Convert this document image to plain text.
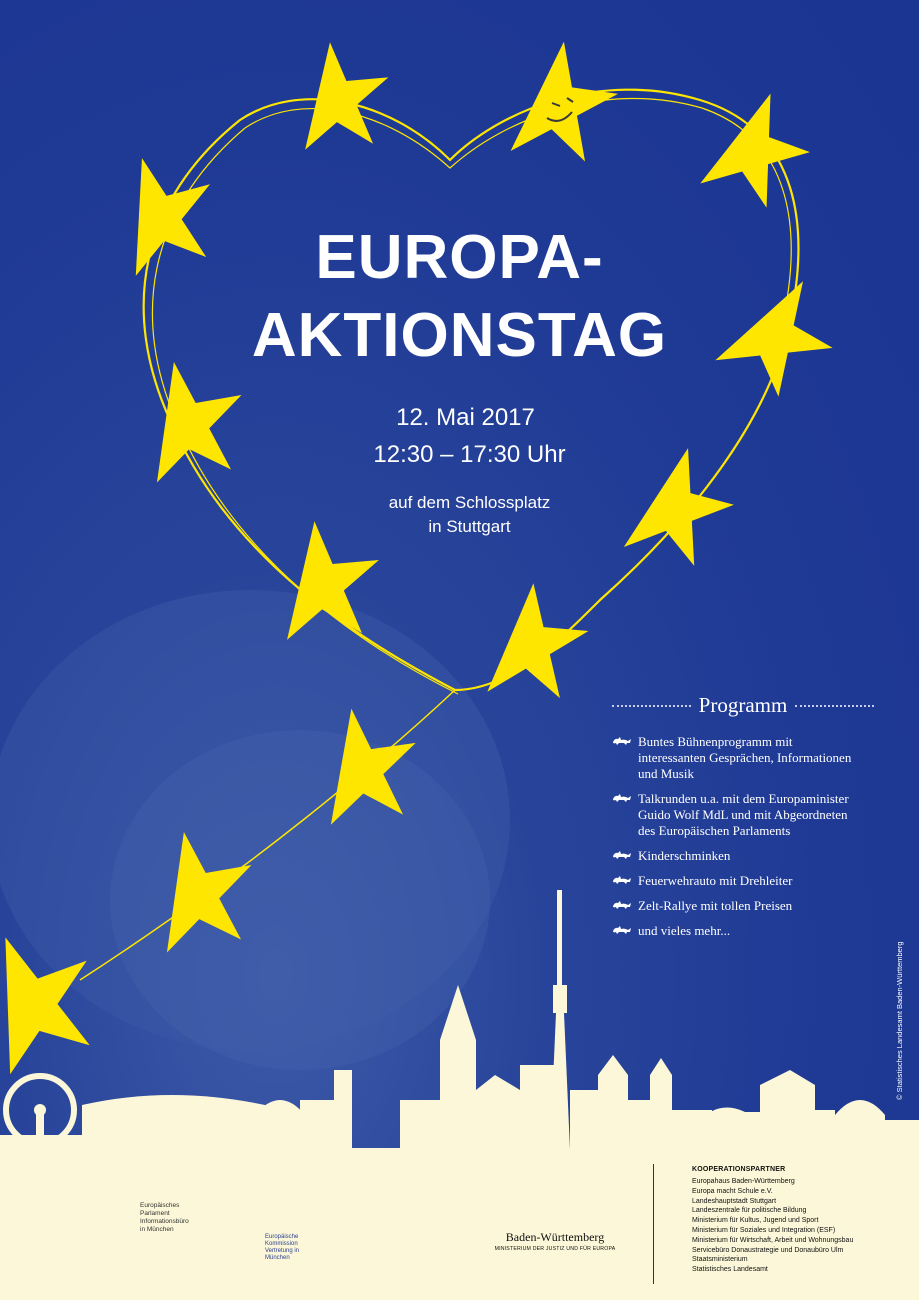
EUROPA-
AKTIONSTAG

12. Mai 2017

12:30 – 17:30 Uhr

auf dem Schlossplatz

in Stuttgart

Programm
Buntes Bühnenprogramm mit
interessanten Gesprächen, Informationen
und Musik
Talkrunden u.a. mit dem Europaminister
Guido Wolf MdL und mit Abgeordneten
des Europäischen Parlaments
Kinderschminken
Feuerwehrauto mit Drehleiter
Zelt-Rallye mit tollen Preisen
und vieles mehr...
© Statistisches Landesamt Baden-Württemberg
Europäisches Parlament
Informationsbüro
in München
Europäische
Kommission
Vertretung in
München
Baden-Württemberg
MINISTERIUM DER JUSTIZ UND FÜR EUROPA
KOOPERATIONSPARTNER
Europahaus Baden-Württemberg
Europa macht Schule e.V.
Landeshauptstadt Stuttgart
Landeszentrale für politische Bildung
Ministerium für Kultus, Jugend und Sport
Ministerium für Soziales und Integration (ESF)
Ministerium für Wirtschaft, Arbeit und Wohnungsbau
Servicebüro Donaustrategie und Donaubüro Ulm
Staatsministerium
Statistisches Landesamt
